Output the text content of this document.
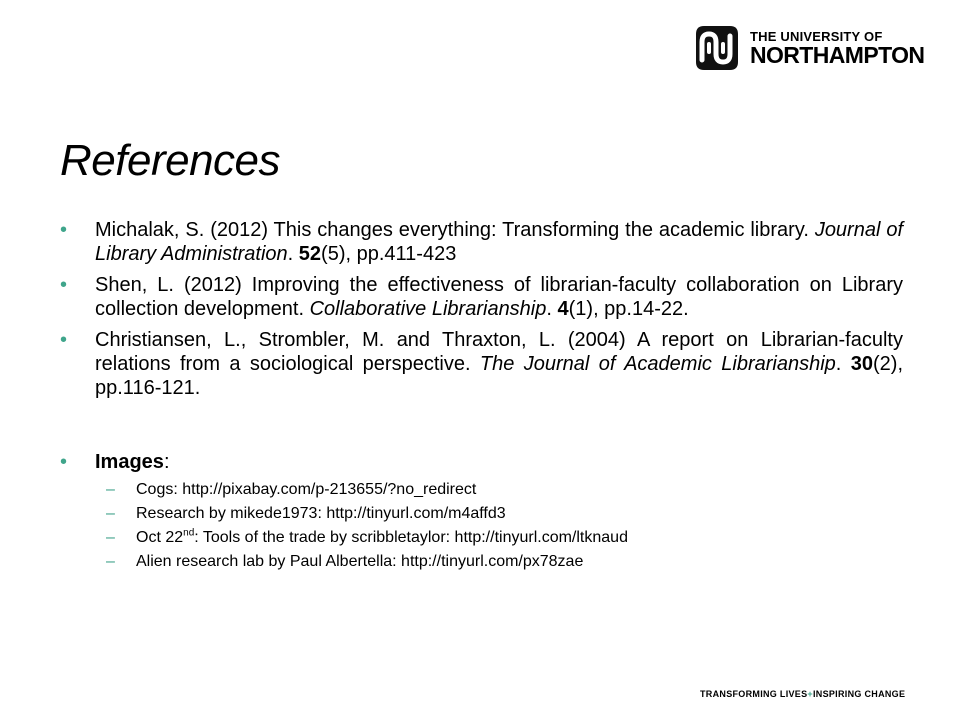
THE UNIVERSITY OF
NORTHAMPTON
References
• Michalak, S. (2012) This changes everything: Transforming the academic library. Journal of Library Administration. 52(5), pp.411-423
• Shen, L. (2012) Improving the effectiveness of librarian-faculty collaboration on Library collection development. Collaborative Librarianship. 4(1), pp.14-22.
• Christiansen, L., Strombler, M. and Thraxton, L. (2004) A report on Librarian-faculty relations from a sociological perspective. The Journal of Academic Librarianship. 30(2), pp.116-121.
• Images:
– Cogs: http://pixabay.com/p-213655/?no_redirect
– Research by mikede1973: http://tinyurl.com/m4affd3
– Oct 22nd: Tools of the trade by scribbletaylor: http://tinyurl.com/ltknaud
– Alien research lab by Paul Albertella: http://tinyurl.com/px78zae
TRANSFORMING LIVES+INSPIRING CHANGE
